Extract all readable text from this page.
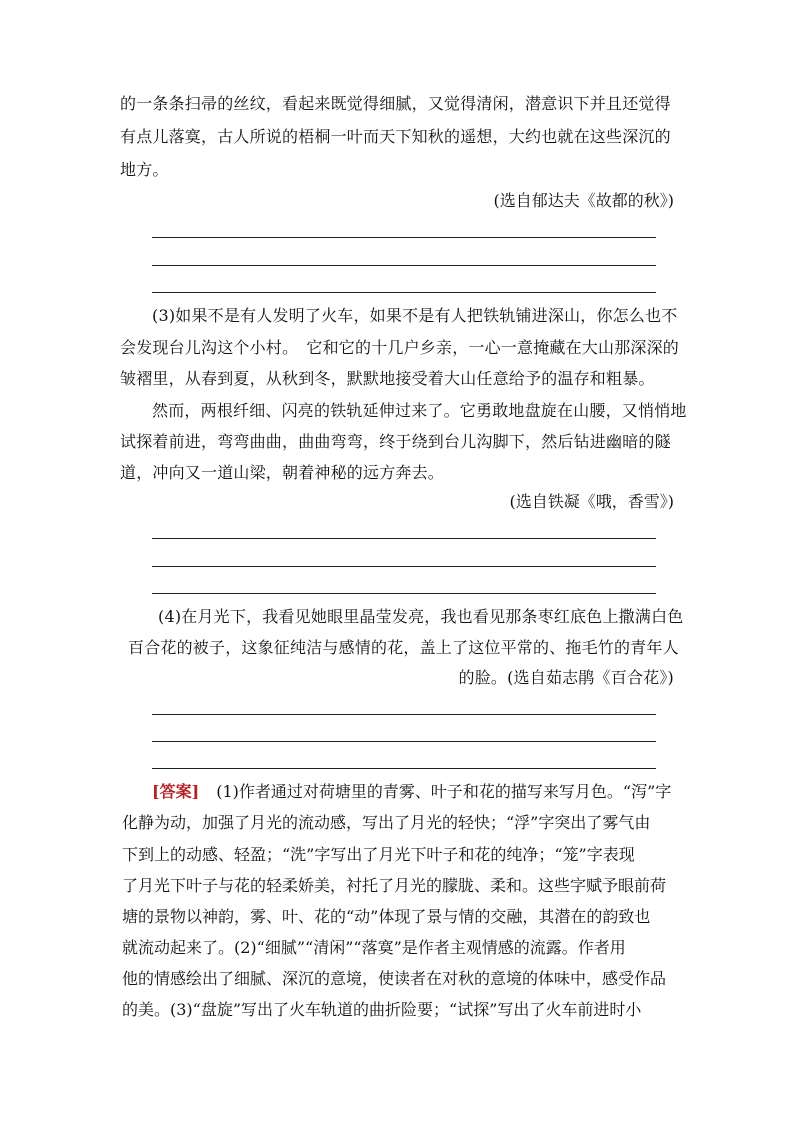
的一条条扫帚的丝纹，看起来既觉得细腻，又觉得清闲，潜意识下并且还觉得
有点儿落寞，古人所说的梧桐一叶而天下知秋的遥想，大约也就在这些深沉的
地方。
(选自郁达夫《故都的秋》)
(3)如果不是有人发明了火车，如果不是有人把铁轨铺进深山，你怎么也不
会发现台儿沟这个小村。　它和它的十几户乡亲，一心一意掩藏在大山那深深的
皱褶里，从春到夏，从秋到冬，默默地接受着大山任意给予的温存和粗暴。
然而，两根纤细、闪亮的铁轨延伸过来了。它勇敢地盘旋在山腰，又悄悄地
试探着前进，弯弯曲曲，曲曲弯弯，终于绕到台儿沟脚下，然后钻进幽暗的隧
道，冲向又一道山梁，朝着神秘的远方奔去。
(选自铁凝《哦，香雪》)
(4)在月光下，我看见她眼里晶莹发亮，我也看见那条枣红底色上撒满白色
百合花的被子，这象征纯洁与感情的花，盖上了这位平常的、拖毛竹的青年人
的脸。(选自茹志鹃《百合花》)
[答案] (1)作者通过对荷塘里的青雾、叶子和花的描写来写月色。“泻”字
化静为动，加强了月光的流动感，写出了月光的轻快；“浮”字突出了雾气由
下到上的动感、轻盈；“洗”字写出了月光下叶子和花的纯净；“笼”字表现
了月光下叶子与花的轻柔娇美，衬托了月光的朦胧、柔和。这些字赋予眼前荷
塘的景物以神韵，雾、叶、花的“动”体现了景与情的交融，其潜在的韵致也
就流动起来了。(2)“细腻”“清闲”“落寞”是作者主观情感的流露。作者用
他的情感绘出了细腻、深沉的意境，使读者在对秋的意境的体味中，感受作品
的美。(3)“盘旋”写出了火车轨道的曲折险要；“试探”写出了火车前进时小
